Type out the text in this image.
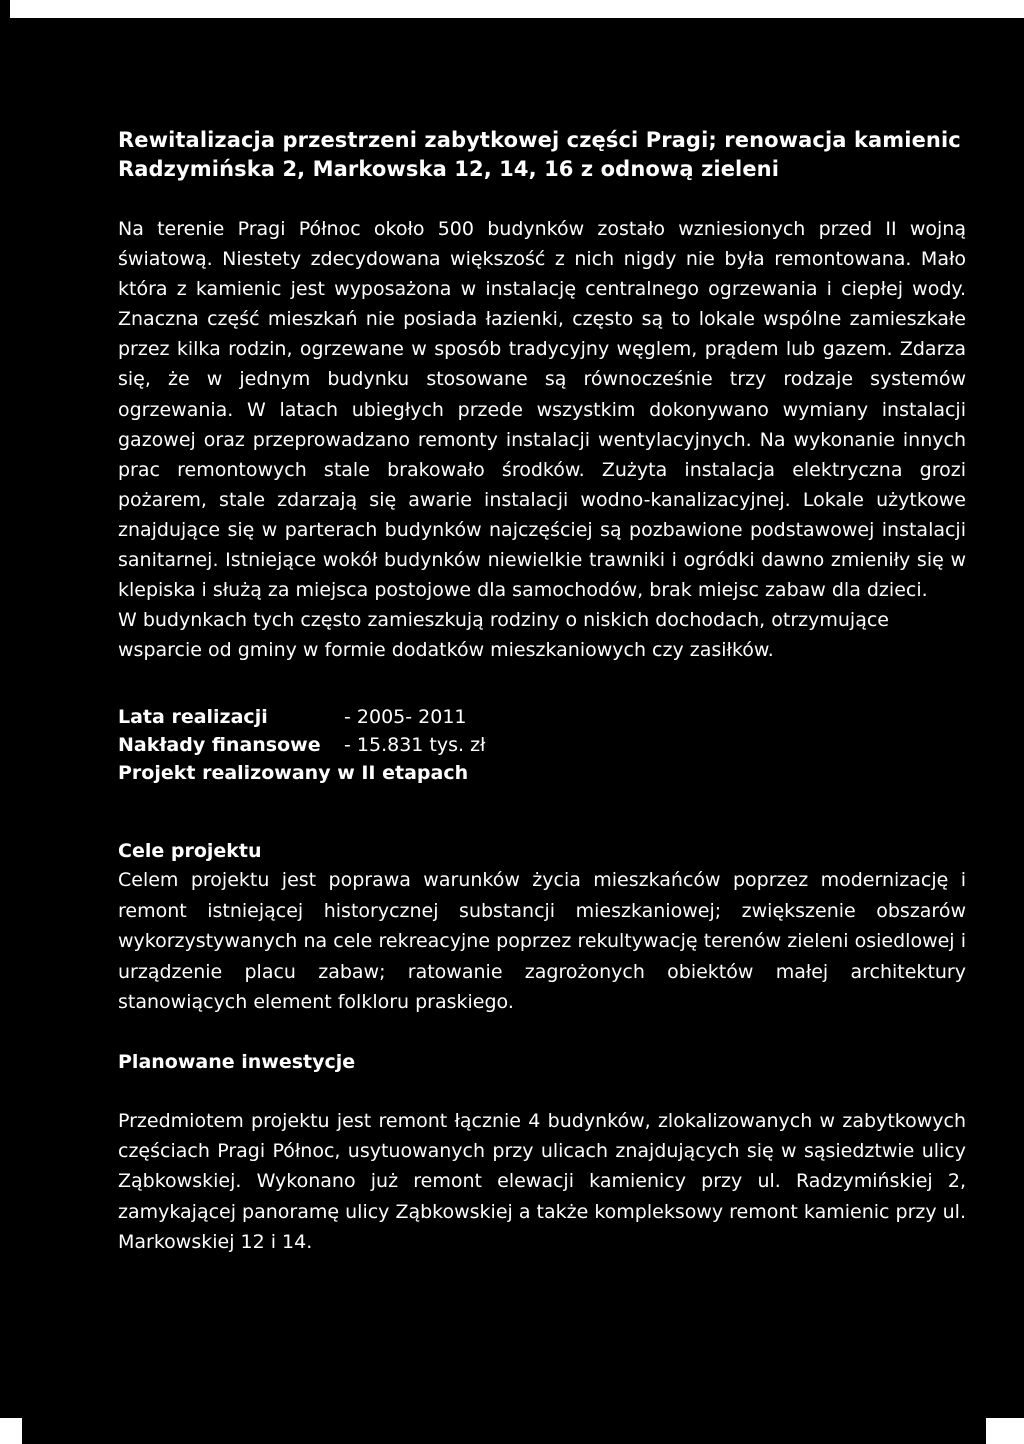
Rewitalizacja przestrzeni zabytkowej części Pragi; renowacja kamienic
Radzymińska 2, Markowska 12, 14, 16 z odnową zieleni

Na terenie Pragi Północ około 500 budynków zostało wzniesionych przed II wojną światową. Niestety zdecydowana większość z nich nigdy nie była remontowana. Mało która z kamienic jest wyposażona w instalację centralnego ogrzewania i ciepłej wody. Znaczna część mieszkań nie posiada łazienki, często są to lokale wspólne zamieszkałe przez kilka rodzin, ogrzewane w sposób tradycyjny węglem, prądem lub gazem. Zdarza się, że w jednym budynku stosowane są równocześnie trzy rodzaje systemów ogrzewania. W latach ubiegłych przede wszystkim dokonywano wymiany instalacji gazowej oraz przeprowadzano remonty instalacji wentylacyjnych. Na wykonanie innych prac remontowych stale brakowało środków. Zużyta instalacja elektryczna grozi pożarem, stale zdarzają się awarie instalacji wodno-kanalizacyjnej. Lokale użytkowe znajdujące się w parterach budynków najczęściej są pozbawione podstawowej instalacji sanitarnej. Istniejące wokół budynków niewielkie trawniki i ogródki dawno zmieniły się w klepiska i służą za miejsca postojowe dla samochodów, brak miejsc zabaw dla dzieci.

W budynkach tych często zamieszkują rodziny o niskich dochodach, otrzymujące wsparcie od gminy w formie dodatków mieszkaniowych czy zasiłków.

Lata realizacji	- 2005- 2011
Nakłady finansowe	- 15.831 tys. zł
Projekt realizowany w II etapach
Cele projektu

Celem projektu jest poprawa warunków życia mieszkańców poprzez modernizację i remont istniejącej historycznej substancji mieszkaniowej; zwiększenie obszarów wykorzystywanych na cele rekreacyjne poprzez rekultywację terenów zieleni osiedlowej i urządzenie placu zabaw; ratowanie zagrożonych obiektów małej architektury stanowiących element folkloru praskiego.

Planowane inwestycje

Przedmiotem projektu jest remont łącznie 4 budynków, zlokalizowanych w zabytkowych częściach Pragi Północ, usytuowanych przy ulicach znajdujących się w sąsiedztwie ulicy Ząbkowskiej. Wykonano już remont elewacji kamienicy przy ul. Radzymińskiej 2, zamykającej panoramę ulicy Ząbkowskiej a także kompleksowy remont kamienic przy ul. Markowskiej 12 i 14.
